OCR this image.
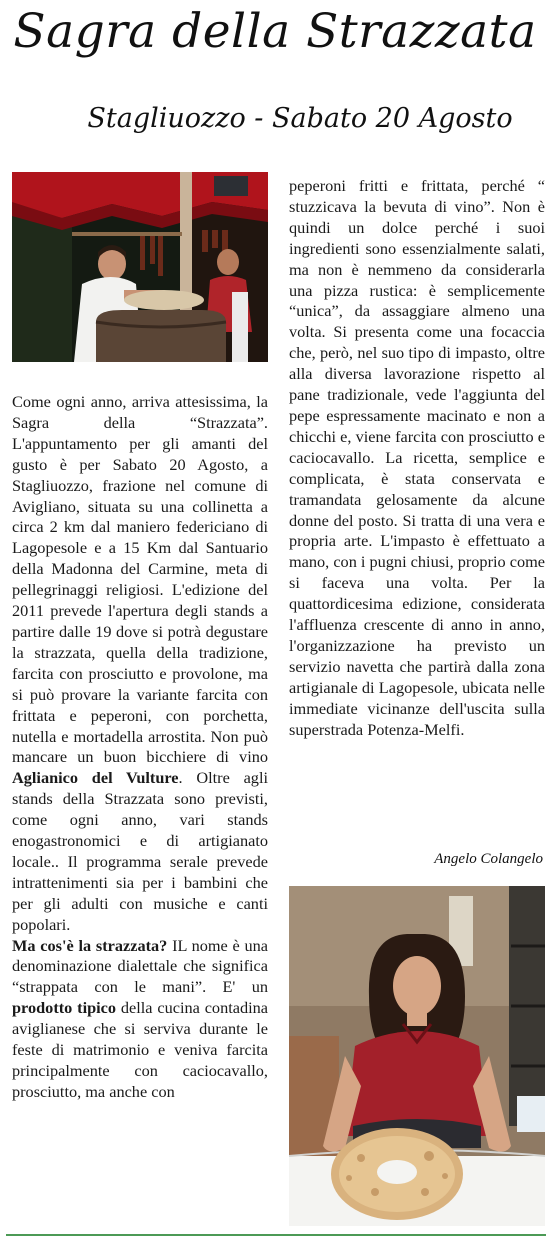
Sagra della Strazzata
Stagliuozzo - Sabato 20 Agosto

Come ogni anno, arriva attesissima, la Sagra della “Strazzata”. L'appuntamento per gli amanti del gusto è per Sabato 20 Agosto, a Stagliuozzo, frazione nel comune di Avigliano, situata su una collinetta a circa 2 km dal maniero federiciano di Lagopesole e a 15 Km dal Santuario della Madonna del Carmine, meta di pellegrinaggi religiosi. L'edizione del 2011 prevede l'apertura degli stands a partire dalle 19 dove si potrà degustare la strazzata, quella della tradizione, farcita con prosciutto e provolone, ma si può provare la variante farcita con frittata e peperoni, con porchetta, nutella e mortadella arrostita. Non può mancare un buon bicchiere di vino Aglianico del Vulture. Oltre agli stands della Strazzata sono previsti, come ogni anno, vari stands enogastronomici e di artigianato locale.. Il programma serale prevede intrattenimenti sia per i bambini che per gli adulti con musiche e canti popolari.
Ma cos'è la strazzata? IL nome è una denominazione dialettale che significa “strappata con le mani”. E' un prodotto tipico della cucina contadina aviglianese che si serviva durante le feste di matrimonio e veniva farcita principalmente con caciocavallo, prosciutto, ma anche con

peperoni fritti e frittata, perché “ stuzzicava la bevuta di vino”. Non è quindi un dolce perché i suoi ingredienti sono essenzialmente salati, ma non è nemmeno da considerarla una pizza rustica: è semplicemente “unica”, da assaggiare almeno una volta. Si presenta come una focaccia che, però, nel suo tipo di impasto, oltre alla diversa lavorazione rispetto al pane tradizionale, vede l'aggiunta del pepe espressamente macinato e non a chicchi e, viene farcita con prosciutto e caciocavallo. La ricetta, semplice e complicata, è stata conservata e tramandata gelosamente da alcune donne del posto. Si tratta di una vera e propria arte. L'impasto è effettuato a mano, con i pugni chiusi, proprio come si faceva una volta. Per la quattordicesima edizione, considerata l'affluenza crescente di anno in anno, l'organizzazione ha previsto un servizio navetta che partirà dalla zona artigianale di Lagopesole, ubicata nelle immediate vicinanze dell'uscita sulla superstrada Potenza-Melfi.

Angelo Colangelo
